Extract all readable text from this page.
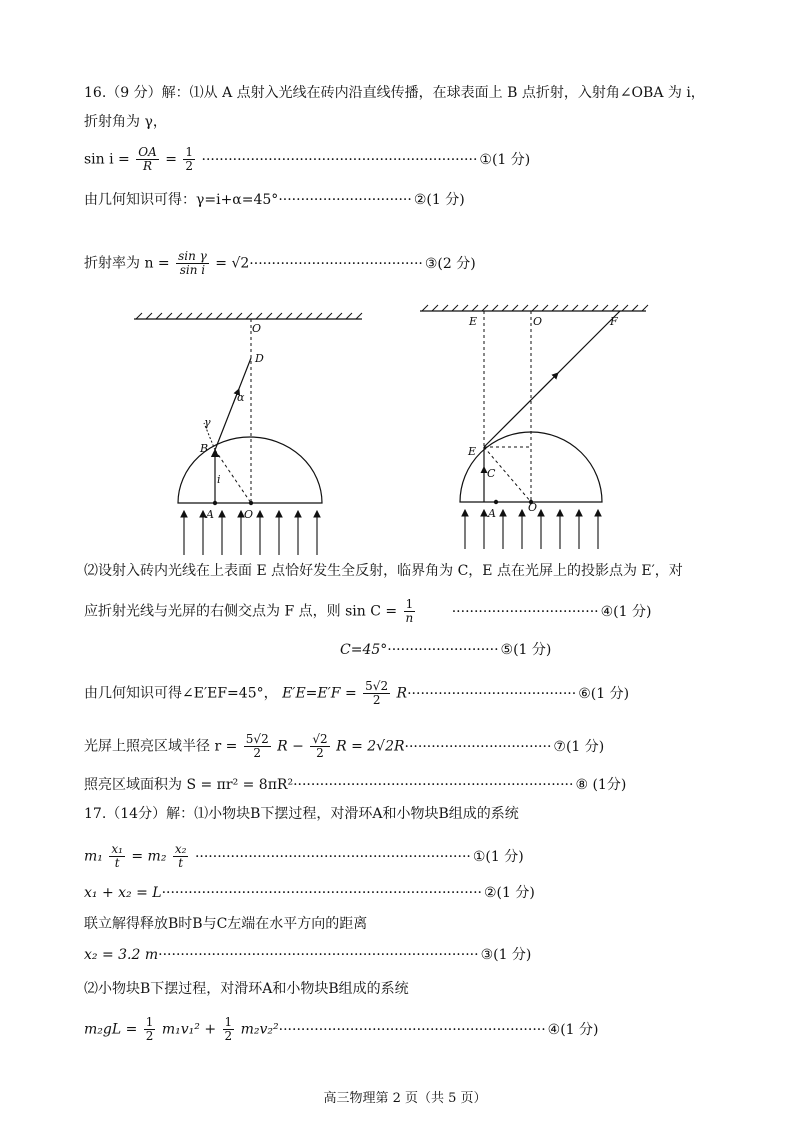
16.（9 分）解：⑴从 A 点射入光线在砖内沿直线传播，在球表面上 B 点折射，入射角∠OBA 为 i，
折射角为 γ，
$\sin i = \frac{OA}{R} = \frac{1}{2}$ ······························································ ①(1 分)
由几何知识可得：γ=i+α=45°······························ ②(1 分)
折射率为 $n = \frac{\text{sin γ}}{\text{sin i}} = √2\cdot\cdot\cdot\cdot\cdot\cdot\cdot\cdot\cdot\cdot\cdot\cdot\cdot\cdot\cdot\cdot\cdot\cdot\cdot\cdot\cdot\cdot\cdot\cdot\cdot\cdot\cdot\cdot\cdot\cdot\cdot\cdot\cdot\cdot\cdot\cdot\cdot\cdot\cdot$ ③(2 分)
O
D
α
γ
B
i
A	O
E	O	F
E
C
A	O
⑵设射入砖内光线在上表面 E 点恰好发生全反射，临界角为 C，E 点在光屏上的投影点为 E′，对
应折射光线与光屏的右侧交点为 F 点，则 $\sin C = \frac{1}{n}$	································· ④(1 分)
C=45°························· ⑤(1 分)
由几何知识可得∠E′EF=45°， $E'E=E'F = \frac{5√2}{2} R\cdot\cdot\cdot\cdot\cdot\cdot\cdot\cdot\cdot\cdot\cdot\cdot\cdot\cdot\cdot\cdot\cdot\cdot\cdot\cdot\cdot\cdot\cdot\cdot\cdot\cdot\cdot\cdot\cdot\cdot\cdot\cdot\cdot\cdot\cdot\cdot\cdot\cdot$ ⑥(1 分)
光屏上照亮区域半径 $r = \frac{5√2}{2}$ $R - \frac{√2}{2}$ R = 2√2R································· ⑦(1 分)
照亮区域面积为 S = πr² = 8πR²······························································· ⑧ (1分)
17.（14分）解：⑴小物块B下摆过程，对滑环A和小物块B组成的系统
$m_1 \frac{\text{x₁}}{t} = m_2 \frac{\text{x₂}}{t}$ ······························································ ①(1 分)
x₁ + x₂ = L········································································ ②(1 分)
联立解得释放B时B与C左端在水平方向的距离
x₂ = 3.2 m········································································ ③(1 分)
⑵小物块B下摆过程，对滑环A和小物块B组成的系统
$m_2gL = \frac{1}{2} m_1v_1^2 + \frac{1}{2} m_2v_2^2\cdot\cdot\cdot\cdot\cdot\cdot\cdot\cdot\cdot\cdot\cdot\cdot\cdot\cdot\cdot\cdot\cdot\cdot\cdot\cdot\cdot\cdot\cdot\cdot\cdot\cdot\cdot\cdot\cdot\cdot\cdot\cdot\cdot\cdot\cdot\cdot\cdot\cdot\cdot\cdot\cdot\cdot\cdot\cdot\cdot\cdot\cdot\cdot\cdot\cdot\cdot\cdot\cdot\cdot\cdot\cdot\cdot\cdot\cdot\cdot$ ④(1 分)
高三物理第 2 页（共 5 页）
